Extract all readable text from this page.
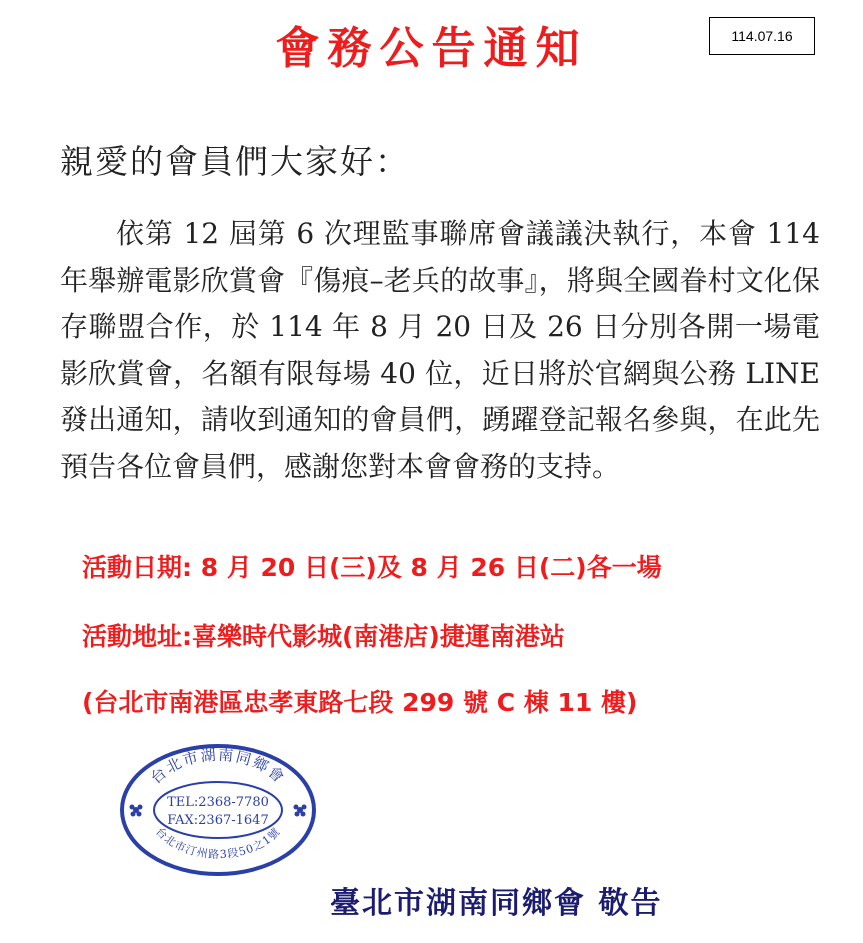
會務公告通知	114.07.16
親愛的會員們大家好：

依第 12 屆第 6 次理監事聯席會議議決執行，本會 114 年舉辦電影欣賞會『傷痕–老兵的故事』，將與全國眷村文化保存聯盟合作，於 114 年 8 月 20 日及 26 日分別各開一場電影欣賞會，名額有限每場 40 位，近日將於官網與公務 LINE 發出通知，請收到通知的會員們，踴躍登記報名參與，在此先預告各位會員們，感謝您對本會會務的支持。

活動日期: 8 月 20 日(三)及 8 月 26 日(二)各一場
活動地址:喜樂時代影城(南港店)捷運南港站
(台北市南港區忠孝東路七段 299 號 C 棟 11 樓)
台北市湖南同鄉會
台北市汀州路3段50之1號
TEL:2368-7780
FAX:2367-1647
臺北市湖南同鄉會 敬告
